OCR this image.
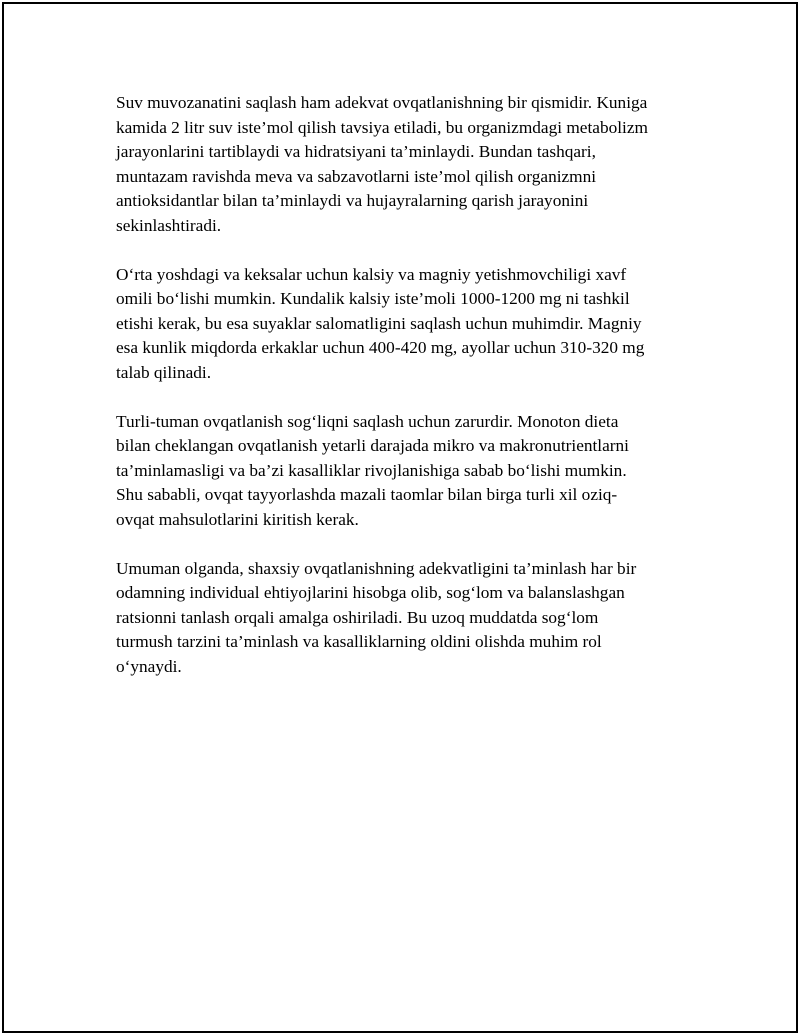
Suv muvozanatini saqlash ham adekvat ovqatlanishning bir qismidir. Kuniga
kamida 2 litr suv iste’mol qilish tavsiya etiladi, bu organizmdagi metabolizm
jarayonlarini tartiblaydi va hidratsiyani ta’minlaydi. Bundan tashqari,
muntazam ravishda meva va sabzavotlarni iste’mol qilish organizmni
antioksidantlar bilan ta’minlaydi va hujayralarning qarish jarayonini
sekinlashtiradi.

O‘rta yoshdagi va keksalar uchun kalsiy va magniy yetishmovchiligi xavf
omili bo‘lishi mumkin. Kundalik kalsiy iste’moli 1000-1200 mg ni tashkil
etishi kerak, bu esa suyaklar salomatligini saqlash uchun muhimdir. Magniy
esa kunlik miqdorda erkaklar uchun 400-420 mg, ayollar uchun 310-320 mg
talab qilinadi.

Turli-tuman ovqatlanish sog‘liqni saqlash uchun zarurdir. Monoton dieta
bilan cheklangan ovqatlanish yetarli darajada mikro va makronutrientlarni
ta’minlamasligi va ba’zi kasalliklar rivojlanishiga sabab bo‘lishi mumkin.
Shu sababli, ovqat tayyorlashda mazali taomlar bilan birga turli xil oziq-
ovqat mahsulotlarini kiritish kerak.

Umuman olganda, shaxsiy ovqatlanishning adekvatligini ta’minlash har bir
odamning individual ehtiyojlarini hisobga olib, sog‘lom va balanslashgan
ratsionni tanlash orqali amalga oshiriladi. Bu uzoq muddatda sog‘lom
turmush tarzini ta’minlash va kasalliklarning oldini olishda muhim rol
o‘ynaydi.
